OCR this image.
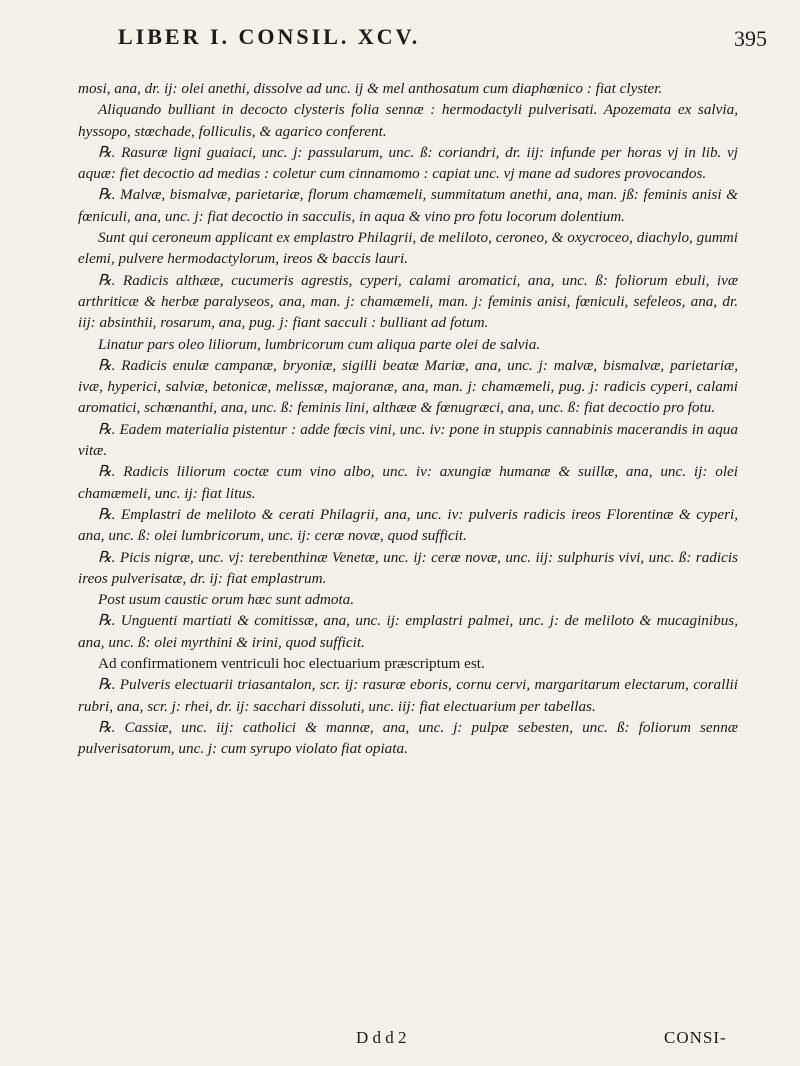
LIBER I. CONSIL. XCV.	395

mosi, ana, dr. ij: olei anethi, dissolve ad unc. ij & mel anthosatum cum diaphœnico : fiat clyster.

Aliquando bulliant in decocto clysteris folia sennæ : hermodactyli pulverisati. Apozemata ex salvia, hyssopo, stœchade, folliculis, & agarico conferent.

℞. Rasuræ ligni guaiaci, unc. j: passularum, unc. ß: coriandri, dr. iij: infunde per horas vj in lib. vj aquæ: fiet decoctio ad medias : coletur cum cinnamomo : capiat unc. vj mane ad sudores provocandos.

℞. Malvæ, bismalvæ, parietariæ, florum chamæmeli, summitatum anethi, ana, man. jß: feminis anisi & fœniculi, ana, unc. j: fiat decoctio in sacculis, in aqua & vino pro fotu locorum dolentium.

Sunt qui ceroneum applicant ex emplastro Philagrii, de meliloto, ceroneo, & oxycroceo, diachylo, gummi elemi, pulvere hermodactylorum, ireos & baccis lauri.

℞. Radicis althææ, cucumeris agrestis, cyperi, calami aromatici, ana, unc. ß: foliorum ebuli, ivæ arthriticæ & herbæ paralyseos, ana, man. j: chamæmeli, man. j: feminis anisi, fœniculi, sefeleos, ana, dr. iij: absinthii, rosarum, ana, pug. j: fiant sacculi : bulliant ad fotum.

Linatur pars oleo liliorum, lumbricorum cum aliqua parte olei de salvia.

℞. Radicis enulæ campanæ, bryoniæ, sigilli beatæ Mariæ, ana, unc. j: malvæ, bismalvæ, parietariæ, ivæ, hyperici, salviæ, betonicæ, melissæ, majoranæ, ana, man. j: chamæmeli, pug. j: radicis cyperi, calami aromatici, schœnanthi, ana, unc. ß: feminis lini, althææ & fœnugræci, ana, unc. ß: fiat decoctio pro fotu.

℞. Eadem materialia pistentur : adde fœcis vini, unc. iv: pone in stuppis cannabinis macerandis in aqua vitæ.

℞. Radicis liliorum coctæ cum vino albo, unc. iv: axungiæ humanæ & suillæ, ana, unc. ij: olei chamæmeli, unc. ij: fiat litus.

℞. Emplastri de meliloto & cerati Philagrii, ana, unc. iv: pulveris radicis ireos Florentinæ & cyperi, ana, unc. ß: olei lumbricorum, unc. ij: ceræ novæ, quod sufficit.

℞. Picis nigræ, unc. vj: terebenthinæ Venetæ, unc. ij: ceræ novæ, unc. iij: sulphuris vivi, unc. ß: radicis ireos pulverisatæ, dr. ij: fiat emplastrum.

Post usum caustic orum hæc sunt admota.

℞. Unguenti martiati & comitissæ, ana, unc. ij: emplastri palmei, unc. j: de meliloto & mucaginibus, ana, unc. ß: olei myrthini & irini, quod sufficit.

Ad confirmationem ventriculi hoc electuarium præscriptum est.

℞. Pulveris electuarii triasantalon, scr. ij: rasuræ eboris, cornu cervi, margaritarum electarum, corallii rubri, ana, scr. j: rhei, dr. ij: sacchari dissoluti, unc. iij: fiat electuarium per tabellas.

℞. Cassiæ, unc. iij: catholici & mannæ, ana, unc. j: pulpæ sebesten, unc. ß: foliorum sennæ pulverisatorum, unc. j: cum syrupo violato fiat opiata.

D d d 2	CONSI-
